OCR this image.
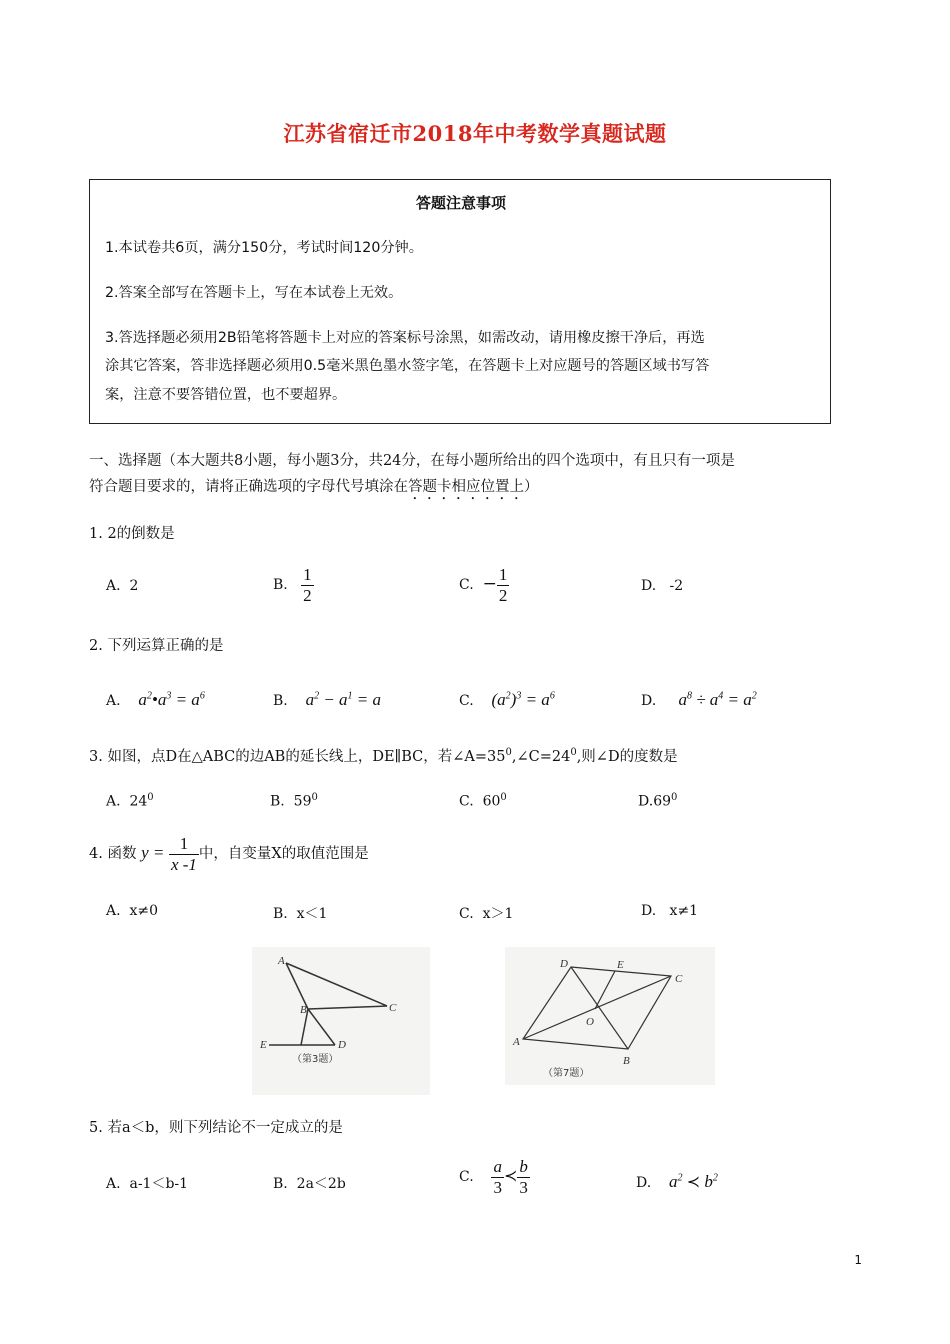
江苏省宿迁市2018年中考数学真题试题
答题注意事项
1.本试卷共6页，满分150分，考试时间120分钟。
2.答案全部写在答题卡上，写在本试卷上无效。
3.答选择题必须用2B铅笔将答题卡上对应的答案标号涂黑，如需改动，请用橡皮擦干净后，再选
涂其它答案，答非选择题必须用0.5毫米黑色墨水签字笔，在答题卡上对应题号的答题区域书写答
案，注意不要答错位置，也不要超界。
一、选择题（本大题共8小题，每小题3分，共24分，在每小题所给出的四个选项中，有且只有一项是
符合题目要求的，请将正确选项的字母代号填涂在答题卡相应位置上）
1. 2的倒数是
A. 2	B. $\frac{1}{2}$	C. − $\frac{1}{2}$	D. -2
2. 下列运算正确的是
A. $a^2•a^3 = a^6$	B. $a^2 - a^1 = a$	C. $(a^2)^3 = a^6$	D. $a^8 \div a^4 = a^2$
3. 如图，点D在△ABC的边AB的延长线上，DE∥BC，若$\angle A=35^0,\angle C=24^0$,则∠D的度数是
A. $24^0$	B. $59^0$	C. $60^0$	$D.69^0$
4. 函数 $y = \frac{1}{x -1}$ 中，自变量X的取值范围是
A. x≠0	B. x＜1	C. x＞1	D. x≠1
A
B	C
D
E
（第3题）
D	E
C
O
A
B
（第7题）
5. 若a＜b，则下列结论不一定成立的是
A. a-1＜b-1	B. 2a＜2b	C. $\frac{a}{3}$ ≺ $\frac{b}{3}$	D. $a^2$ ≺ $b^2$
1
